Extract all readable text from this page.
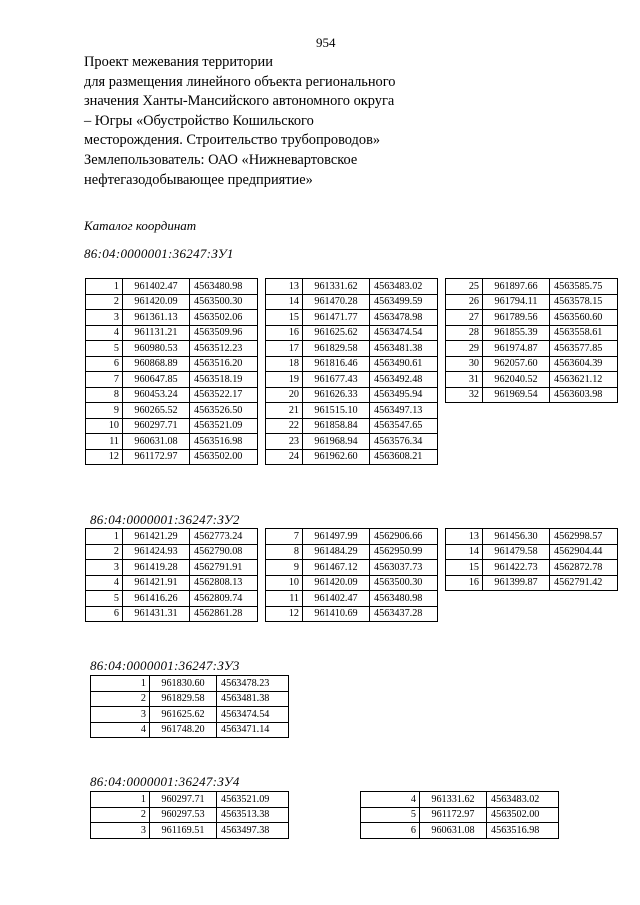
954
Проект межевания территории
для размещения линейного объекта регионального
значения Ханты-Мансийского автономного округа
– Югры «Обустройство Кошильского
месторождения. Строительство трубопроводов»
Землепользователь: ОАО «Нижневартовское
нефтегазодобывающее предприятие»
Каталог координат
86:04:0000001:36247:ЗУ1
86:04:0000001:36247:ЗУ2
86:04:0000001:36247:ЗУ3
86:04:0000001:36247:ЗУ4
1	961402.47	4563480.98
2	961420.09	4563500.30
3	961361.13	4563502.06
4	961131.21	4563509.96
5	960980.53	4563512.23
6	960868.89	4563516.20
7	960647.85	4563518.19
8	960453.24	4563522.17
9	960265.52	4563526.50
10	960297.71	4563521.09
11	960631.08	4563516.98
12	961172.97	4563502.00
13	961331.62	4563483.02
14	961470.28	4563499.59
15	961471.77	4563478.98
16	961625.62	4563474.54
17	961829.58	4563481.38
18	961816.46	4563490.61
19	961677.43	4563492.48
20	961626.33	4563495.94
21	961515.10	4563497.13
22	961858.84	4563547.65
23	961968.94	4563576.34
24	961962.60	4563608.21
25	961897.66	4563585.75
26	961794.11	4563578.15
27	961789.56	4563560.60
28	961855.39	4563558.61
29	961974.87	4563577.85
30	962057.60	4563604.39
31	962040.52	4563621.12
32	961969.54	4563603.98
1	961421.29	4562773.24
2	961424.93	4562790.08
3	961419.28	4562791.91
4	961421.91	4562808.13
5	961416.26	4562809.74
6	961431.31	4562861.28
7	961497.99	4562906.66
8	961484.29	4562950.99
9	961467.12	4563037.73
10	961420.09	4563500.30
11	961402.47	4563480.98
12	961410.69	4563437.28
13	961456.30	4562998.57
14	961479.58	4562904.44
15	961422.73	4562872.78
16	961399.87	4562791.42
1	961830.60	4563478.23
2	961829.58	4563481.38
3	961625.62	4563474.54
4	961748.20	4563471.14
1	960297.71	4563521.09
2	960297.53	4563513.38
3	961169.51	4563497.38
4	961331.62	4563483.02
5	961172.97	4563502.00
6	960631.08	4563516.98
